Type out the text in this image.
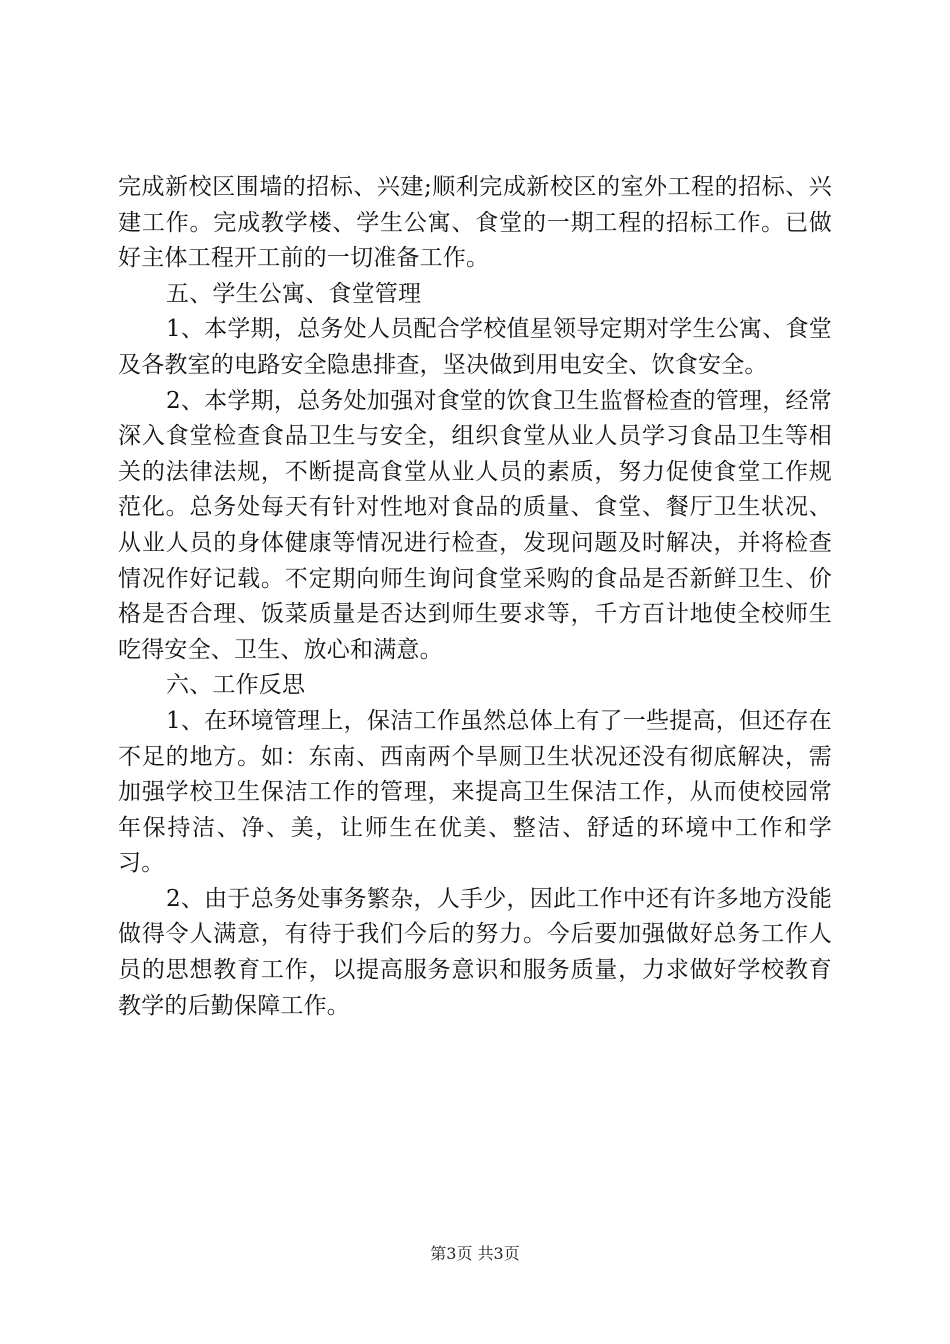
完成新校区围墙的招标、兴建;顺利完成新校区的室外工程的招标、兴建工作。完成教学楼、学生公寓、食堂的一期工程的招标工作。已做好主体工程开工前的一切准备工作。

五、学生公寓、食堂管理

1、本学期，总务处人员配合学校值星领导定期对学生公寓、食堂及各教室的电路安全隐患排查，坚决做到用电安全、饮食安全。

2、本学期，总务处加强对食堂的饮食卫生监督检查的管理，经常深入食堂检查食品卫生与安全，组织食堂从业人员学习食品卫生等相关的法律法规，不断提高食堂从业人员的素质，努力促使食堂工作规范化。总务处每天有针对性地对食品的质量、食堂、餐厅卫生状况、从业人员的身体健康等情况进行检查，发现问题及时解决，并将检查情况作好记载。不定期向师生询问食堂采购的食品是否新鲜卫生、价格是否合理、饭菜质量是否达到师生要求等，千方百计地使全校师生吃得安全、卫生、放心和满意。

六、工作反思

1、在环境管理上，保洁工作虽然总体上有了一些提高，但还存在不足的地方。如：东南、西南两个旱厕卫生状况还没有彻底解决，需加强学校卫生保洁工作的管理，来提高卫生保洁工作，从而使校园常年保持洁、净、美，让师生在优美、整洁、舒适的环境中工作和学习。

2、由于总务处事务繁杂，人手少，因此工作中还有许多地方没能做得令人满意，有待于我们今后的努力。今后要加强做好总务工作人员的思想教育工作，以提高服务意识和服务质量，力求做好学校教育教学的后勤保障工作。

第3页 共3页
